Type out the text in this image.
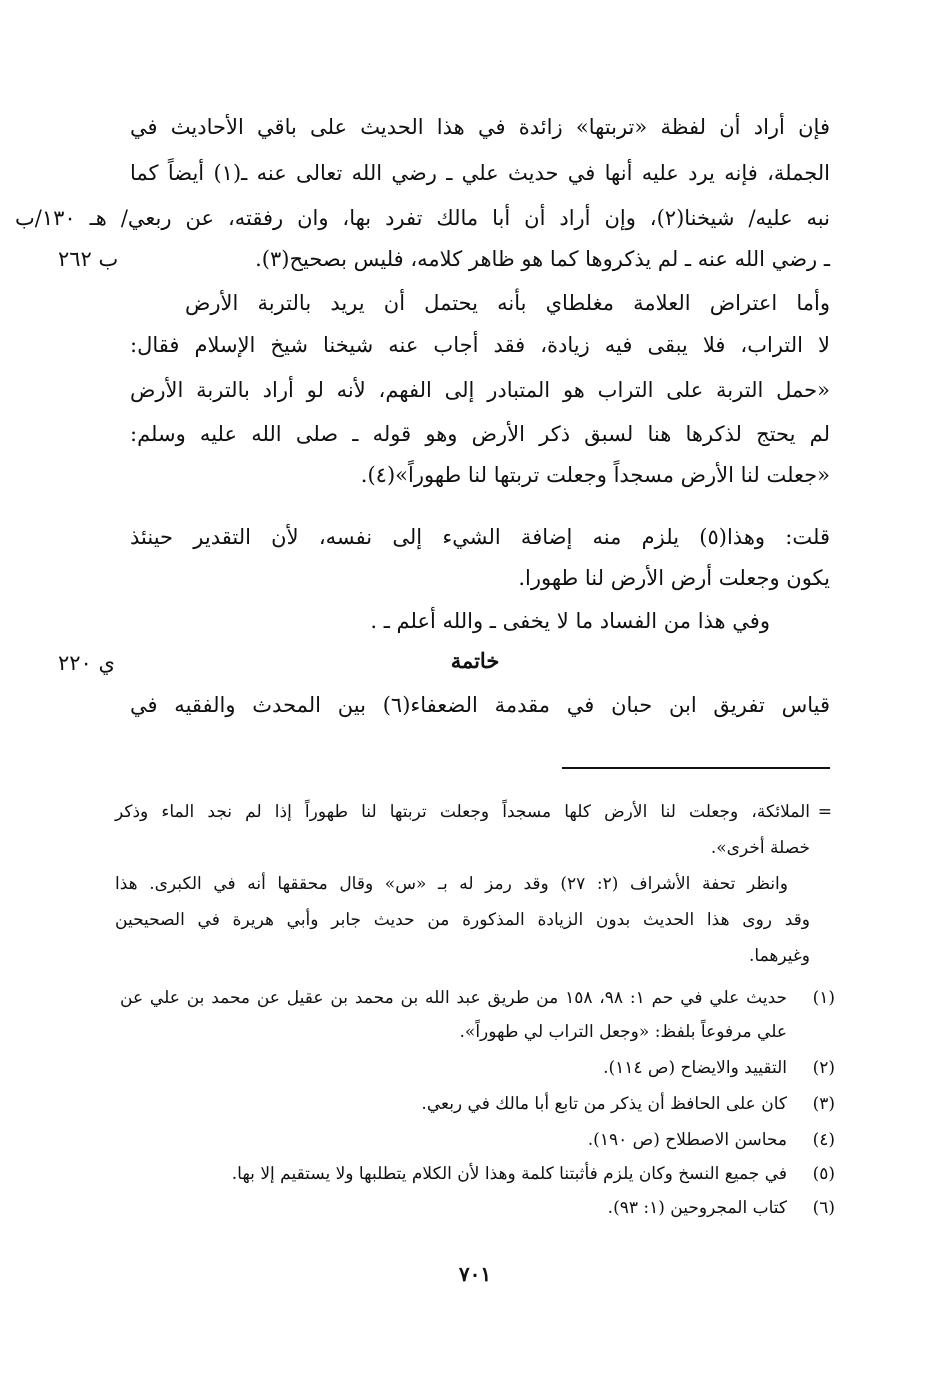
فإن أراد أن لفظة «تربتها» زائدة في هذا الحديث على باقي الأحاديث في
الجملة، فإنه يرد عليه أنها في حديث علي ـ رضي الله تعالى عنه ـ(١) أيضاً كما
نبه عليه/ شيخنا(٢)، وإن أراد أن أبا مالك تفرد بها، وان رفقته، عن ربعي/ هـ ١٣٠/ب
ـ رضي الله عنه ـ لم يذكروها كما هو ظاهر كلامه، فليس بصحيح(٣).
ب ٢٦٢
وأما اعتراض العلامة مغلطاي بأنه يحتمل أن يريد بالتربة الأرض
لا التراب، فلا يبقى فيه زيادة، فقد أجاب عنه شيخنا شيخ الإسلام فقال:
«حمل التربة على التراب هو المتبادر إلى الفهم، لأنه لو أراد بالتربة الأرض
لم يحتج لذكرها هنا لسبق ذكر الأرض وهو قوله ـ صلى الله عليه وسلم:
«جعلت لنا الأرض مسجداً وجعلت تربتها لنا طهوراً»(٤).
قلت: وهذا(٥) يلزم منه إضافة الشيء إلى نفسه، لأن التقدير حينئذ
يكون وجعلت أرض الأرض لنا طهورا.
وفي هذا من الفساد ما لا يخفى ـ والله أعلم ـ .
خاتمة
ي ٢٢٠
قياس تفريق ابن حبان في مقدمة الضعفاء(٦) بين المحدث والفقيه في
=
الملائكة، وجعلت لنا الأرض كلها مسجداً وجعلت تربتها لنا طهوراً إذا لم نجد الماء وذكر
خصلة أخرى».
وانظر تحفة الأشراف (٢: ٢٧) وقد رمز له بـ «س» وقال محققها أنه في الكبرى. هذا
وقد روى هذا الحديث بدون الزيادة المذكورة من حديث جابر وأبي هريرة في الصحيحين
وغيرهما.
(١)
حديث علي في حم ١: ٩٨، ١٥٨ من طريق عبد الله بن محمد بن عقيل عن محمد بن علي عن
علي مرفوعاً بلفظ: «وجعل التراب لي طهوراً».
(٢)
التقييد والايضاح (ص ١١٤).
(٣)
كان على الحافظ أن يذكر من تابع أبا مالك في ربعي.
(٤)
محاسن الاصطلاح (ص ١٩٠).
(٥)
في جميع النسخ وكان يلزم فأثبتنا كلمة وهذا لأن الكلام يتطلبها ولا يستقيم إلا بها.
(٦)
كتاب المجروحين (١: ٩٣).
٧٠١
